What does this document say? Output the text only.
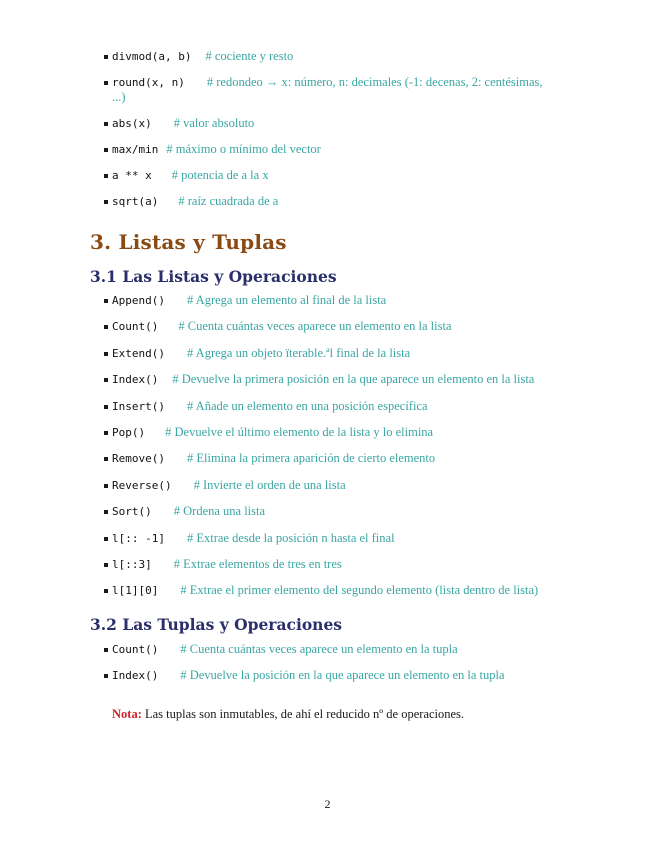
divmod(a, b) # cociente y resto
round(x, n) # redondeo → x: número, n: decimales (-1: decenas, 2: centésimas,
...)
abs(x) # valor absoluto
max/min # máximo o mínimo del vector
a ** x # potencia de a la x
sqrt(a) # raíz cuadrada de a
3. Listas y Tuplas
3.1 Las Listas y Operaciones
Append() # Agrega un elemento al final de la lista
Count() # Cuenta cuántas veces aparece un elemento en la lista
Extend() # Agrega un objeto ïterable.ªl final de la lista
Index() # Devuelve la primera posición en la que aparece un elemento en la lista
Insert() # Añade un elemento en una posición específica
Pop() # Devuelve el último elemento de la lista y lo elimina
Remove() # Elimina la primera aparición de cierto elemento
Reverse() # Invierte el orden de una lista
Sort() # Ordena una lista
l[:: -1] # Extrae desde la posición n hasta el final
l[::3] # Extrae elementos de tres en tres
l[1][0] # Extrae el primer elemento del segundo elemento (lista dentro de lista)
3.2 Las Tuplas y Operaciones
Count() # Cuenta cuántas veces aparece un elemento en la tupla
Index() # Devuelve la posición en la que aparece un elemento en la tupla
Nota: Las tuplas son inmutables, de ahí el reducido nº de operaciones.
2
